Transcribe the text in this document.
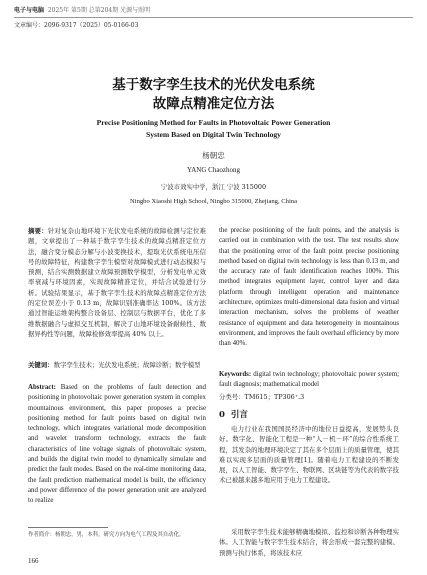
电子与电脑 2025年 第5期 总第204期 光源与照明
文章编号：2096-9317（2025）05-0166-03
基于数字孪生技术的光伏发电系统
故障点精准定位方法
Precise Positioning Method for Faults in Photovoltaic Power Generation
System Based on Digital Twin Technology
杨朝忠
YANG Chaozhong
宁波市效实中学，浙江 宁波 315000
Ningbo Xiaoshi High School, Ningbo 315000, Zhejiang, China
摘要：针对复杂山地环境下光伏发电系统的故障检测与定位难题，文章提出了一种基于数字孪生技术的故障点精准定位方法，融合变分模态分解与小波变换技术，提取光伏系统电压信号的故障特征，构建数字孪生模型对故障模式进行动态模拟与预测，结合实测数据建立故障预测数学模型，分析发电单元效率衰减与环境因素，实现故障精准定位，并结合试验进行分析。试验结果显示，基于数字孪生技术的故障点精准定位方法的定位误差小于 0.13 m，故障识别准确率达 100%。该方法通过智能运维架构整合设备层、控制层与数据平台，优化了多维数据融合与虚拟交互机制，解决了山地环境设备耐候性、数据异构性等问题，故障检修效率提高 40% 以上。
关键词：数字孪生技术；光伏发电系统；故障诊断；数学模型
Abstract: Based on the problems of fault detection and positioning in photovoltaic power generation system in complex mountainous environment, this paper proposes a precise positioning method for fault points based on digital twin technology, which integrates variational mode decomposition and wavelet transform technology, extracts the fault characteristics of line voltage signals of photovoltaic system, and builds the digital twin model to dynamically simulate and predict the fault modes. Based on the real-time monitoring data, the fault prediction mathematical model is built, the efficiency and power difference of the power generation unit are analyzed to realize
the precise positioning of the fault points, and the analysis is carried out in combination with the test. The test results show that the positioning error of the fault point precise positioning method based on digital twin technology is less than 0.13 m, and the accuracy rate of fault identification reaches 100%. This method integrates equipment layer, control layer and data platform through intelligent operation and maintenance architecture, optimizes multi-dimensional data fusion and virtual interaction mechanism, solves the problems of weather resistance of equipment and data heterogeneity in mountainous environment, and improves the fault overhaul efficiency by more than 40%.
Keywords: digital twin technology; photovoltaic power system; fault diagnosis; mathematical model
分类号：TM615；TP306⁺.3
0 引言
电力行业在我国国民经济中的地位日益提高，发展势头良好。数字化、智能化工程是一种“人－机－环”的综合性系统工程，其发杂的地理环境决定了其在多个层面上的质量管理，使其难以实现多层面的质量管理[1]。随着电力工程建设的不断发展，以人工智能、数字孪生、物联网、区块链等为代表的数字技术已被越来越多地应用于电力工程建设。
采用数字孪生技术能够精确地模拟、监控和诊断各种物理实体。人工智能与数字孪生技术结合，将会形成一套完整的建模、预测与执行体系，将该技术应
作者简介：杨朝忠，男，本科，研究方向为电气工程及其自动化。
166
